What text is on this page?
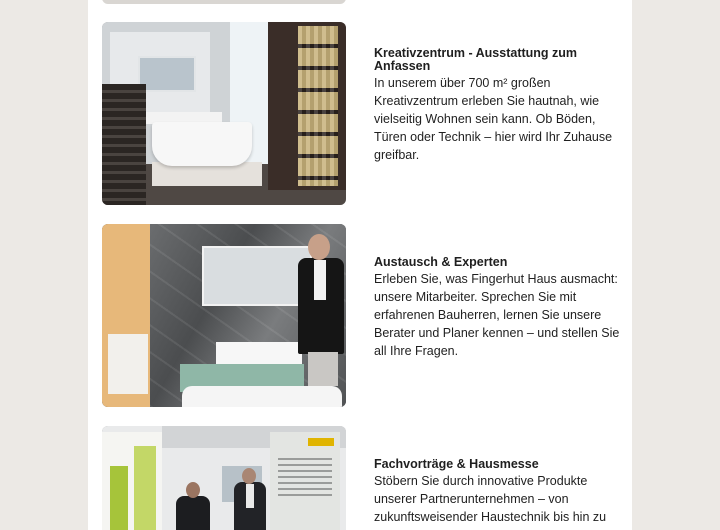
Kreativzentrum - Ausstattung zum Anfassen

In unserem über 700 m² großen Kreativzentrum erleben Sie hautnah, wie vielseitig Wohnen sein kann. Ob Böden, Türen oder Technik – hier wird Ihr Zuhause greifbar.

Austausch & Experten

Erleben Sie, was Fingerhut Haus ausmacht: unsere Mitarbeiter. Sprechen Sie mit erfahrenen Bauherren, lernen Sie unsere Berater und Planer kennen – und stellen Sie all Ihre Fragen.

Fachvorträge & Hausmesse

Stöbern Sie durch innovative Produkte unserer Partnerunternehmen – von zukunftsweisender Haustechnik bis hin zu
